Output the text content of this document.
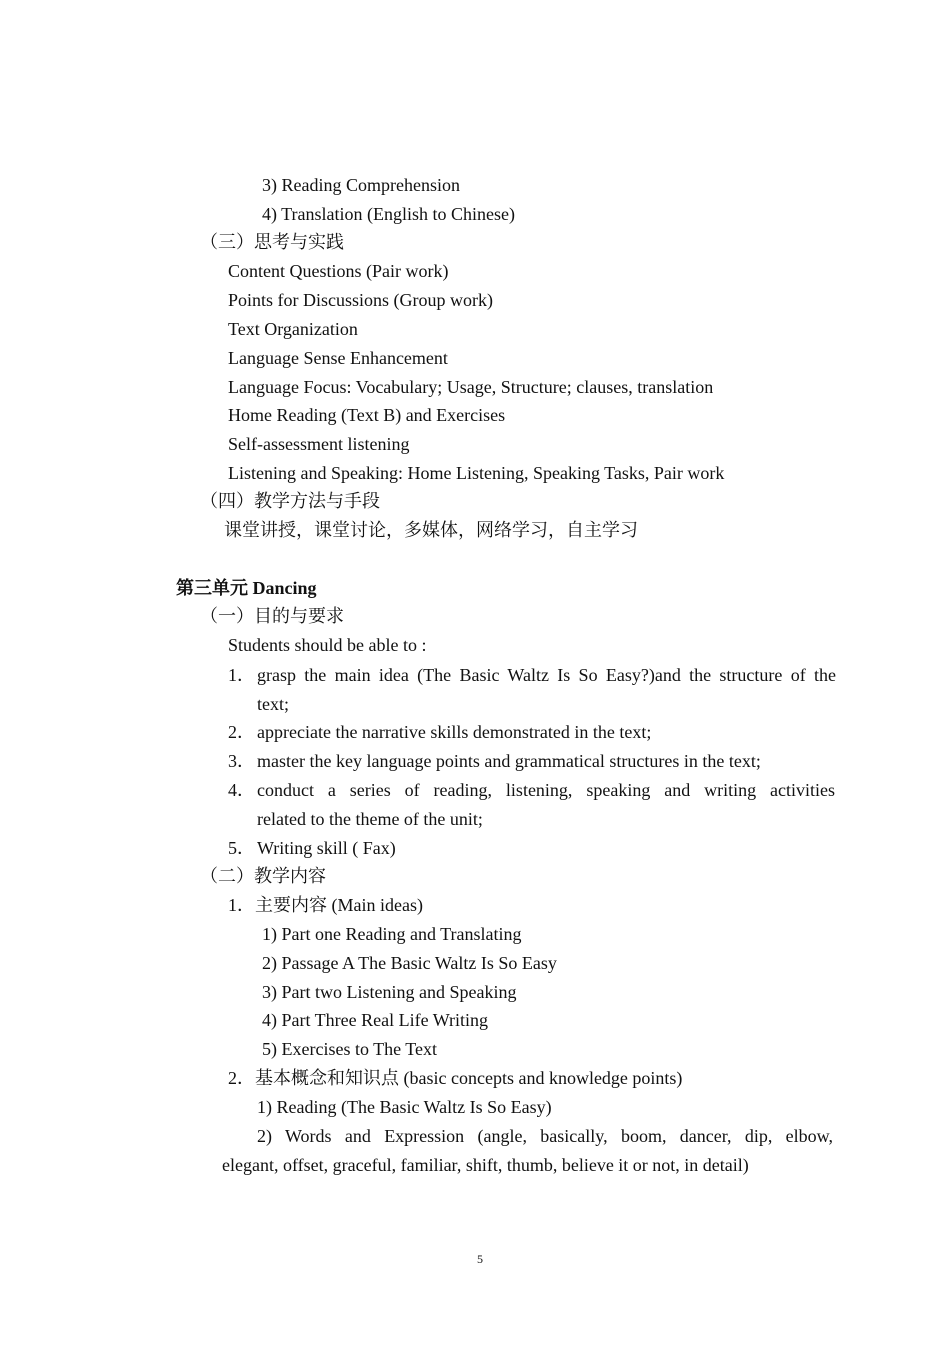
3) Reading Comprehension
4) Translation (English to Chinese)
（三）思考与实践
Content Questions (Pair work)
Points for Discussions (Group work)
Text Organization
Language Sense Enhancement
Language Focus: Vocabulary; Usage, Structure; clauses, translation
Home Reading (Text B) and Exercises
Self-assessment listening
Listening and Speaking: Home Listening, Speaking Tasks, Pair work
（四）教学方法与手段
课堂讲授，课堂讨论，多媒体，网络学习，自主学习
第三单元 Dancing
（一）目的与要求
Students should be able to :
1． grasp the main idea (The Basic Waltz Is So Easy?)and the structure of the
text;
2． appreciate the narrative skills demonstrated in the text;
3． master the key language points and grammatical structures in the text;
4． conduct a series of reading, listening, speaking and writing activities
related to the theme of the unit;
5． Writing skill ( Fax)
（二）教学内容
1．主要内容 (Main ideas)
1) Part one Reading and Translating
2) Passage A The Basic Waltz Is So Easy
3) Part two Listening and Speaking
4) Part Three Real Life Writing
5) Exercises to The Text
2．基本概念和知识点 (basic concepts and knowledge points)
1) Reading (The Basic Waltz Is So Easy)
2) Words and Expression (angle, basically, boom, dancer, dip, elbow,
elegant, offset, graceful, familiar, shift, thumb, believe it or not, in detail)
5
